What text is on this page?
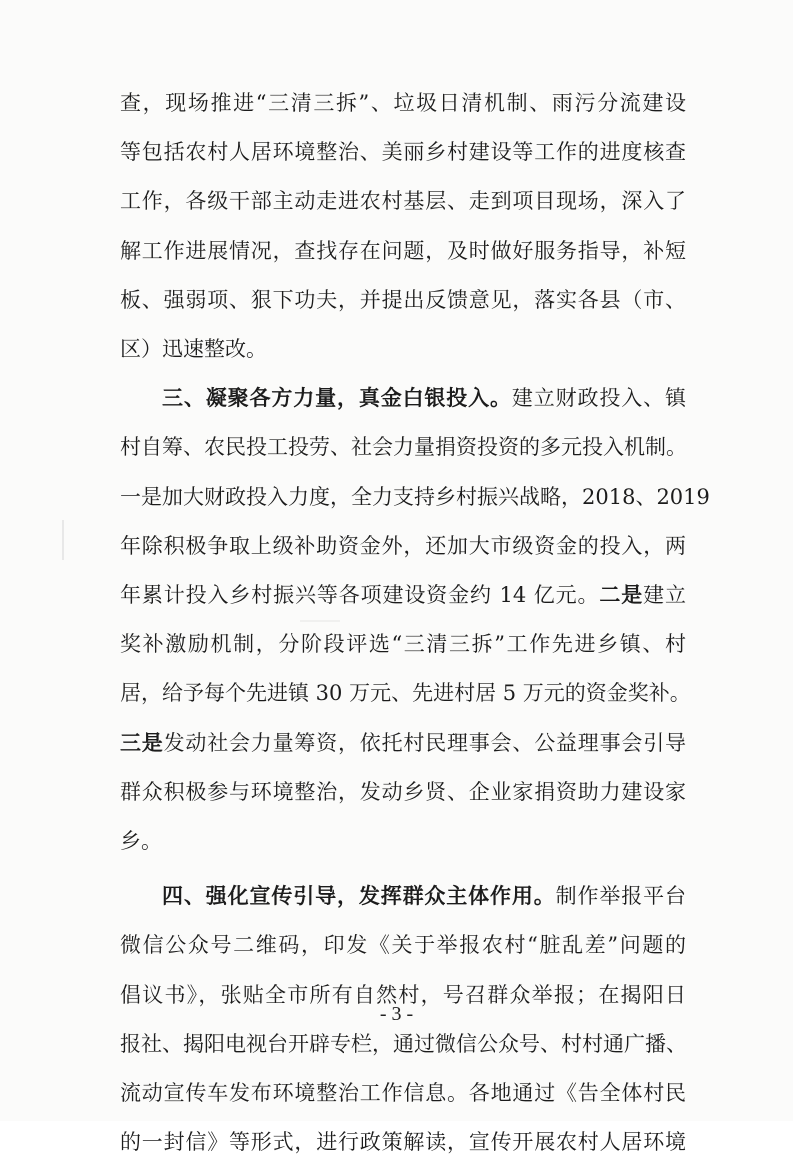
- 3 -
查，现场推进“三清三拆”、垃圾日清机制、雨污分流建设
等包括农村人居环境整治、美丽乡村建设等工作的进度核查
工作，各级干部主动走进农村基层、走到项目现场，深入了
解工作进展情况，查找存在问题，及时做好服务指导，补短
板、强弱项、狠下功夫，并提出反馈意见，落实各县（市、
区）迅速整改。
三、凝聚各方力量，真金白银投入。建立财政投入、镇
村自筹、农民投工投劳、社会力量捐资投资的多元投入机制。
一是加大财政投入力度，全力支持乡村振兴战略，2018、2019
年除积极争取上级补助资金外，还加大市级资金的投入，两
年累计投入乡村振兴等各项建设资金约 14 亿元。二是建立
奖补激励机制，分阶段评选“三清三拆”工作先进乡镇、村
居，给予每个先进镇 30 万元、先进村居 5 万元的资金奖补。
三是发动社会力量筹资，依托村民理事会、公益理事会引导
群众积极参与环境整治，发动乡贤、企业家捐资助力建设家
乡。
四、强化宣传引导，发挥群众主体作用。制作举报平台
微信公众号二维码，印发《关于举报农村“脏乱差”问题的
倡议书》，张贴全市所有自然村，号召群众举报；在揭阳日
报社、揭阳电视台开辟专栏，通过微信公众号、村村通广播、
流动宣传车发布环境整治工作信息。各地通过《告全体村民
的一封信》等形式，进行政策解读，宣传开展农村人居环境
